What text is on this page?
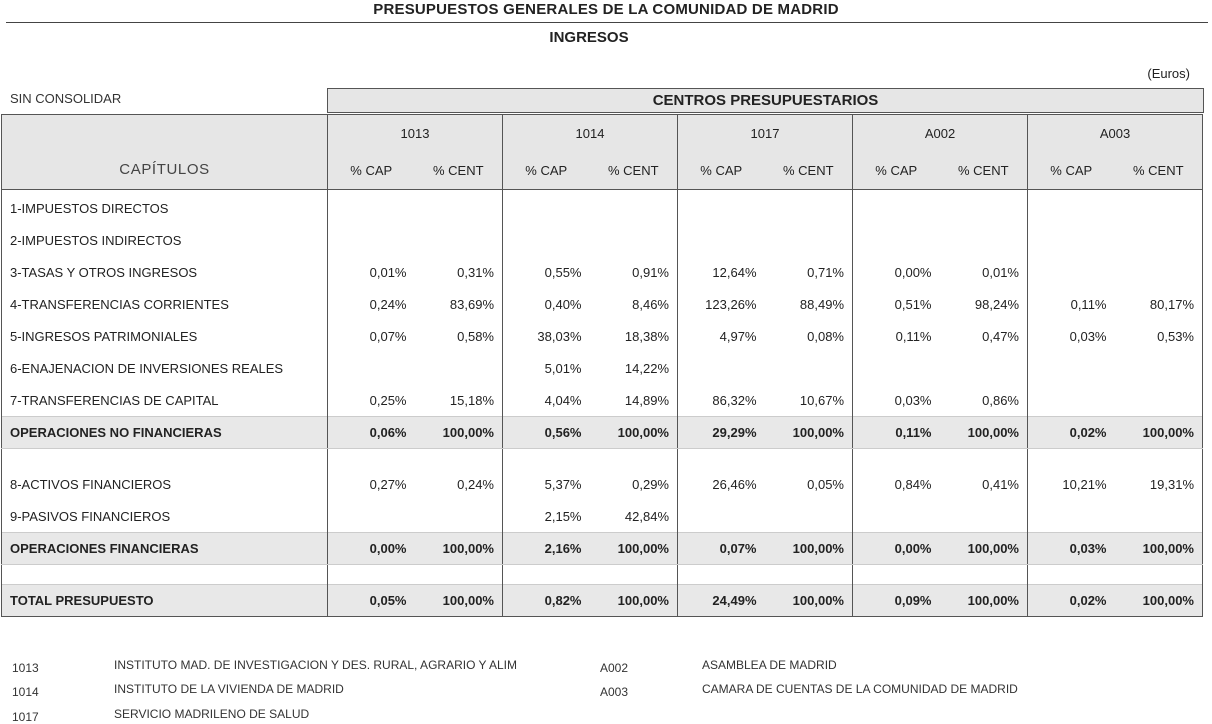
PRESUPUESTOS GENERALES DE LA COMUNIDAD DE MADRID
INGRESOS
(Euros)
SIN CONSOLIDAR	CENTROS PRESUPUESTARIOS
CAPÍTULOS	1013		1014		1017		A002		A003	
	% CAP	% CENT	% CAP	% CENT	% CAP	% CENT	% CAP	% CENT	% CAP	% CENT
1-IMPUESTOS DIRECTOS										
2-IMPUESTOS INDIRECTOS										
3-TASAS Y OTROS INGRESOS	0,01%	0,31%	0,55%	0,91%	12,64%	0,71%	0,00%	0,01%		
4-TRANSFERENCIAS CORRIENTES	0,24%	83,69%	0,40%	8,46%	123,26%	88,49%	0,51%	98,24%	0,11%	80,17%
5-INGRESOS PATRIMONIALES	0,07%	0,58%	38,03%	18,38%	4,97%	0,08%	0,11%	0,47%	0,03%	0,53%
6-ENAJENACION DE INVERSIONES REALES			5,01%	14,22%						
7-TRANSFERENCIAS DE CAPITAL	0,25%	15,18%	4,04%	14,89%	86,32%	10,67%	0,03%	0,86%		
OPERACIONES NO FINANCIERAS	0,06%	100,00%	0,56%	100,00%	29,29%	100,00%	0,11%	100,00%	0,02%	100,00%

8-ACTIVOS FINANCIEROS	0,27%	0,24%	5,37%	0,29%	26,46%	0,05%	0,84%	0,41%	10,21%	19,31%
9-PASIVOS FINANCIEROS			2,15%	42,84%						
OPERACIONES FINANCIERAS	0,00%	100,00%	2,16%	100,00%	0,07%	100,00%	0,00%	100,00%	0,03%	100,00%

TOTAL PRESUPUESTO	0,05%	100,00%	0,82%	100,00%	24,49%	100,00%	0,09%	100,00%	0,02%	100,00%
1013	INSTITUTO MAD. DE INVESTIGACION Y DES. RURAL, AGRARIO Y ALIM
1014	INSTITUTO DE LA VIVIENDA DE MADRID
1017	SERVICIO MADRILENO DE SALUD
A002	ASAMBLEA DE MADRID
A003	CAMARA DE CUENTAS DE LA COMUNIDAD DE MADRID
